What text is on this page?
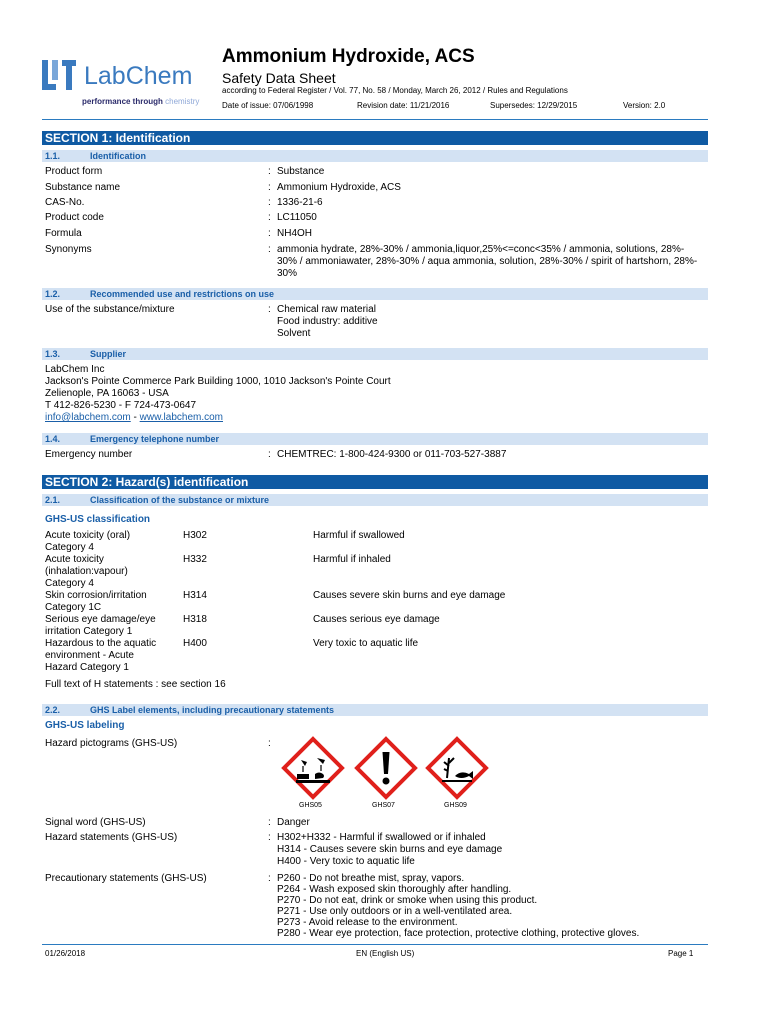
LabChem
performance through chemistry
Ammonium Hydroxide, ACS
Safety Data Sheet
according to Federal Register / Vol. 77, No. 58 / Monday, March 26, 2012 / Rules and Regulations
Date of issue: 07/06/1998	Revision date: 11/21/2016	Supersedes: 12/29/2015	Version: 2.0
SECTION 1: Identification
1.1.	Identification
Product form	: Substance
Substance name	: Ammonium Hydroxide, ACS
CAS-No.	: 1336-21-6
Product code	: LC11050
Formula	: NH4OH
Synonyms	: ammonia hydrate, 28%-30% / ammonia,liquor,25%<=conc<35% / ammonia, solutions, 28%-
30% / ammoniawater, 28%-30% / aqua ammonia, solution, 28%-30% / spirit of hartshorn, 28%-
30%
1.2.	Recommended use and restrictions on use
Use of the substance/mixture	: Chemical raw material
Food industry: additive
Solvent
1.3.	Supplier
LabChem Inc
Jackson's Pointe Commerce Park Building 1000, 1010 Jackson's Pointe Court
Zelienople, PA 16063 - USA
T 412-826-5230 - F 724-473-0647
info@labchem.com - www.labchem.com
1.4.	Emergency telephone number
Emergency number	: CHEMTREC: 1-800-424-9300 or 011-703-527-3887
SECTION 2: Hazard(s) identification
2.1.	Classification of the substance or mixture
GHS-US classification
Acute toxicity (oral)
Category 4
H302	Harmful if swallowed
Acute toxicity
(inhalation:vapour)
Category 4
H332	Harmful if inhaled
Skin corrosion/irritation
Category 1C
H314	Causes severe skin burns and eye damage
Serious eye damage/eye
irritation Category 1
H318	Causes serious eye damage
Hazardous to the aquatic
environment - Acute
Hazard Category 1
H400	Very toxic to aquatic life
Full text of H statements : see section 16
2.2.	GHS Label elements, including precautionary statements
GHS-US labeling
Hazard pictograms (GHS-US)	:
GHS05	GHS07	GHS09
Signal word (GHS-US)	: Danger
Hazard statements (GHS-US)	: H302+H332 - Harmful if swallowed or if inhaled
H314 - Causes severe skin burns and eye damage
H400 - Very toxic to aquatic life
Precautionary statements (GHS-US)	: P260 - Do not breathe mist, spray, vapors.
P264 - Wash exposed skin thoroughly after handling.
P270 - Do not eat, drink or smoke when using this product.
P271 - Use only outdoors or in a well-ventilated area.
P273 - Avoid release to the environment.
P280 - Wear eye protection, face protection, protective clothing, protective gloves.
01/26/2018	EN (English US)	Page 1
